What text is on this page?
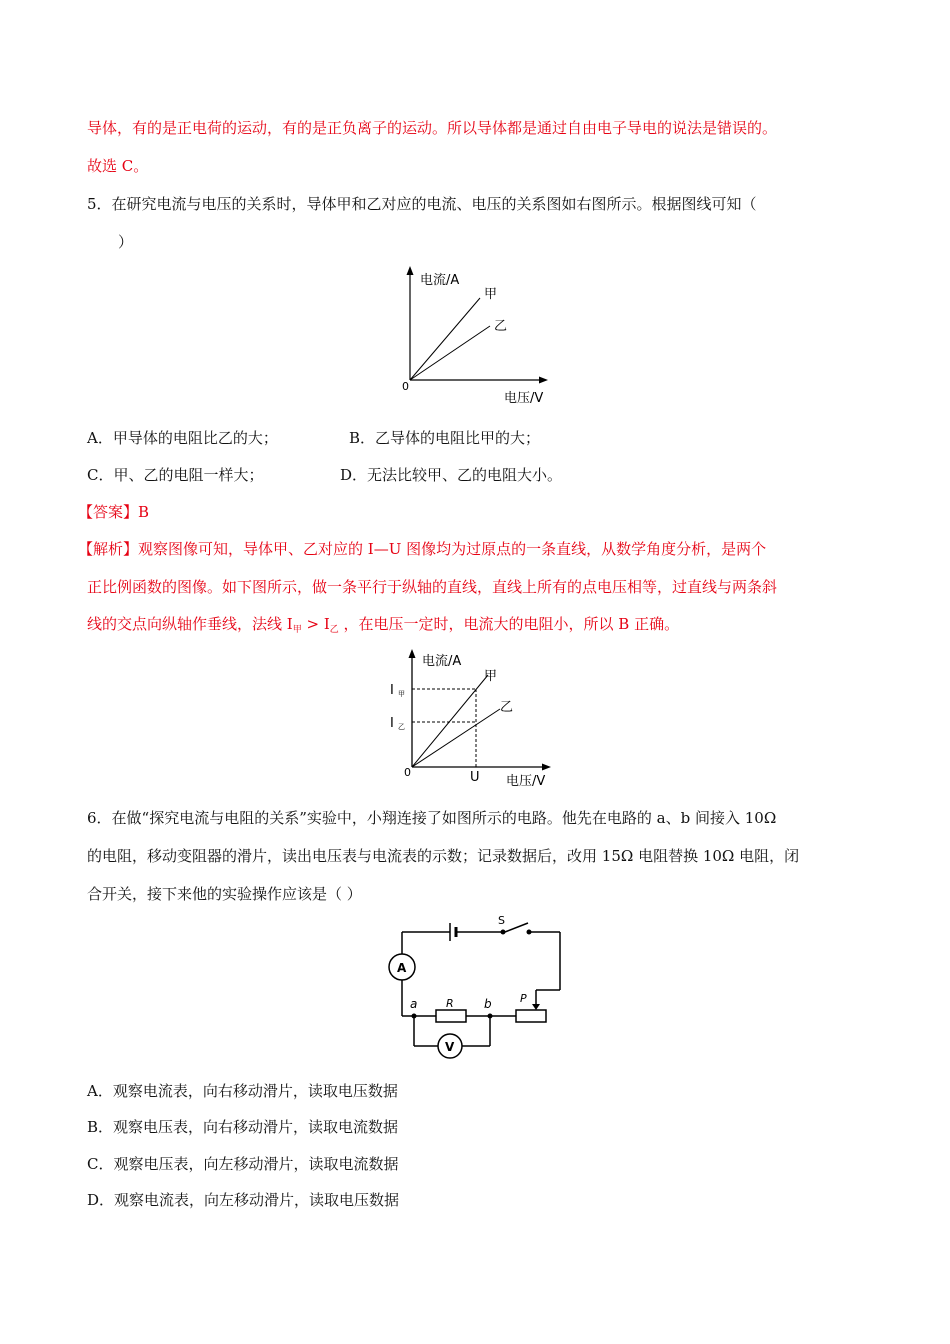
导体，有的是正电荷的运动，有的是正负离子的运动。所以导体都是通过自由电子导电的说法是错误的。
故选 C。
5．在研究电流与电压的关系时，导体甲和乙对应的电流、电压的关系图如右图所示。根据图线可知（
）
电流/A
甲
乙
0
电压/V
A．甲导体的电阻比乙的大；	B．乙导体的电阻比甲的大；
C．甲、乙的电阻一样大；	D．无法比较甲、乙的电阻大小。
【答案】B
【解析】观察图像可知，导体甲、乙对应的 I—U 图像均为过原点的一条直线，从数学角度分析，是两个
正比例函数的图像。如下图所示，做一条平行于纵轴的直线，直线上所有的点电压相等，过直线与两条斜
线的交点向纵轴作垂线，法线 $I_甲 > I_乙$ ，在电压一定时，电流大的电阻小，所以 B 正确。
电流/A
甲
乙
I 甲
I 乙
0	U 电压/V
6．在做“探究电流与电阻的关系”实验中，小翔连接了如图所示的电路。他先在电路的 a、b 间接入 10Ω
的电阻，移动变阻器的滑片，读出电压表与电流表的示数；记录数据后，改用 15Ω 电阻替换 10Ω 电阻，闭
合开关，接下来他的实验操作应该是（ ）
S
A
V
a	b
R	P
A．观察电流表，向右移动滑片，读取电压数据
B．观察电压表，向右移动滑片，读取电流数据
C．观察电压表，向左移动滑片，读取电流数据
D．观察电流表，向左移动滑片，读取电压数据
